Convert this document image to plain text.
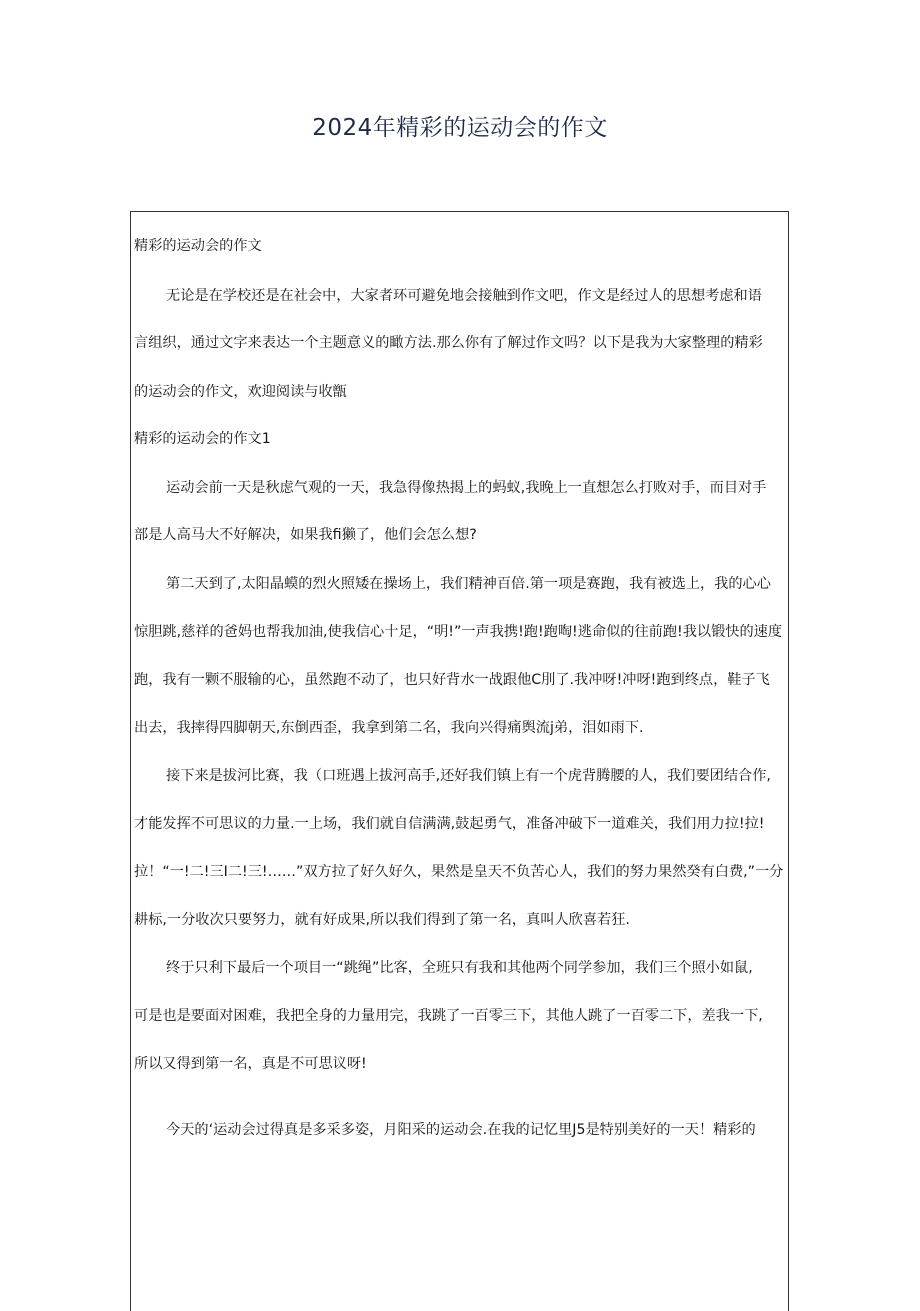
2024年精彩的运动会的作文
精彩的运动会的作文
无论是在学校还是在社会中，大家者环可避免地会接触到作文吧，作文是经过人的思想考虑和语
言组织，通过文字来表达一个主题意义的瞰方法.那么你有了解过作文吗？以下是我为大家整理的精彩
的运动会的作文，欢迎阅读与收甑
精彩的运动会的作文1
运动会前一天是秋虑气观的一天，我急得像热揭上的蚂蚁,我晚上一直想怎么打败对手，而目对手
部是人高马大不好解决，如果我fi獭了，他们会怎么想?
第二天到了,太阳晶蟆的烈火照矮在操场上，我们精神百倍.第一项是赛跑，我有被选上，我的心心
惊胆跳,慈祥的爸妈也帮我加油,使我信心十足，“明!”一声我携!跑!跑啕!逃命似的往前跑!我以锻快的速度
跑，我有一颗不服输的心，虽然跑不动了，也只好背水一战跟他C刖了.我冲呀!冲呀!跑到终点，鞋子飞
出去，我摔得四脚朝天,东倒西歪，我拿到第二名，我向兴得痛舆流j弟，泪如雨下.
接下来是拔河比赛，我（口班遇上拔河高手,还好我们镇上有一个虎背腾腰的人，我们要团结合作,
才能发挥不可思议的力量.一上场，我们就自信满满,鼓起勇气，准备冲破下一道难关，我们用力拉!拉!
拉！“一!二!三I二!三!……”双方拉了好久好久，果然是皇天不负苦心人，我们的努力果然癸有白费,”一分
耕标,一分收次只要努力，就有好成果,所以我们得到了第一名，真叫人欣喜若狂.
终于只利下最后一个项目一“跳绳”比客，全班只有我和其他两个同学参加，我们三个照小如鼠,
可是也是要面对困难，我把全身的力量用完，我跳了一百零三下，其他人跳了一百零二下，差我一下,
所以又得到第一名，真是不可思议呀!
今天的‘运动会过得真是多采多姿，月阳采的运动会.在我的记忆里J5是特别美好的一天！精彩的
